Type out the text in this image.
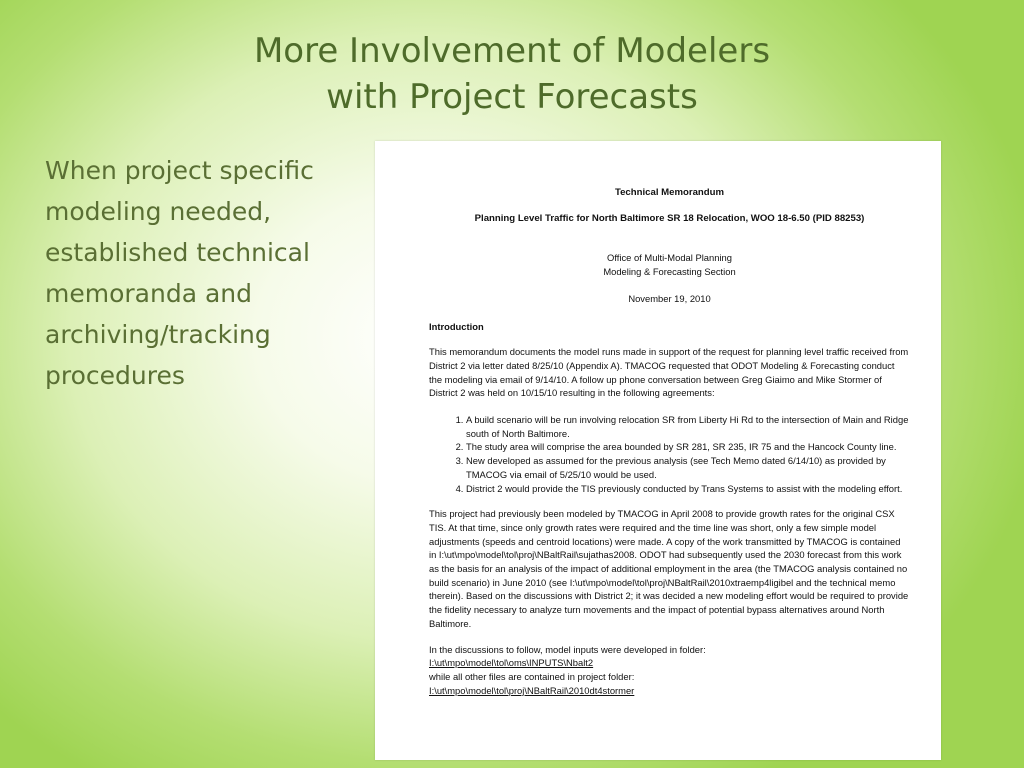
More Involvement of Modelers
with Project Forecasts

When project specific modeling needed, established technical memoranda and archiving/tracking procedures

Technical Memorandum
Planning Level Traffic for North Baltimore SR 18 Relocation, WOO 18-6.50 (PID 88253)
Office of Multi-Modal Planning
Modeling & Forecasting Section
November 19, 2010
Introduction

This memorandum documents the model runs made in support of the request for planning level traffic received from District 2 via letter dated 8/25/10 (Appendix A). TMACOG requested that ODOT Modeling & Forecasting conduct the modeling via email of 9/14/10. A follow up phone conversation between Greg Giaimo and Mike Stormer of District 2 was held on 10/15/10 resulting in the following agreements:

1. A build scenario will be run involving relocation SR from Liberty Hi Rd to the intersection of Main and Ridge south of North Baltimore.
2. The study area will comprise the area bounded by SR 281, SR 235, IR 75 and the Hancock County line.
3. New developed as assumed for the previous analysis (see Tech Memo dated 6/14/10) as provided by TMACOG via email of 5/25/10 would be used.
4. District 2 would provide the TIS previously conducted by Trans Systems to assist with the modeling effort.

This project had previously been modeled by TMACOG in April 2008 to provide growth rates for the original CSX TIS. At that time, since only growth rates were required and the time line was short, only a few simple model adjustments (speeds and centroid locations) were made. A copy of the work transmitted by TMACOG is contained in I:\ut\mpo\model\tol\proj\NBaltRail\sujathas2008. ODOT had subsequently used the 2030 forecast from this work as the basis for an analysis of the impact of additional employment in the area (the TMACOG analysis contained no build scenario) in June 2010 (see I:\ut\mpo\model\tol\proj\NBaltRail\2010xtraemp4ligibel and the technical memo therein). Based on the discussions with District 2; it was decided a new modeling effort would be required to provide the fidelity necessary to analyze turn movements and the impact of potential bypass alternatives around North Baltimore.

In the discussions to follow, model inputs were developed in folder:
I:\ut\mpo\model\tol\oms\INPUTS\Nbalt2
while all other files are contained in project folder:
I:\ut\mpo\model\tol\proj\NBaltRail\2010dt4stormer
